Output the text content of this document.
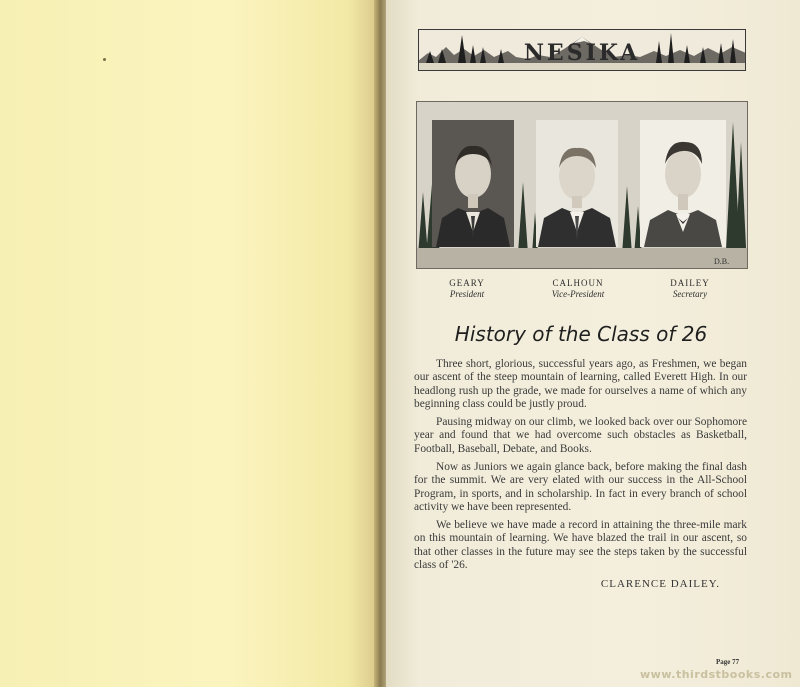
NESIKA
D.B.
GEARY
President
CALHOUN
Vice-President
DAILEY
Secretary
History of the Class of 26

Three short, glorious, successful years ago, as Freshmen, we began our ascent of the steep mountain of learning, called Everett High. In our headlong rush up the grade, we made for ourselves a name of which any beginning class could be justly proud.

Pausing midway on our climb, we looked back over our Sophomore year and found that we had overcome such obstacles as Basketball, Football, Baseball, Debate, and Books.

Now as Juniors we again glance back, before making the final dash for the summit. We are very elated with our success in the All-School Program, in sports, and in scholarship. In fact in every branch of school activity we have been represented.

We believe we have made a record in attaining the three-mile mark on this mountain of learning. We have blazed the trail in our ascent, so that other classes in the future may see the steps taken by the successful class of '26.

CLARENCE DAILEY.
Page 77
www.thirdstbooks.com
